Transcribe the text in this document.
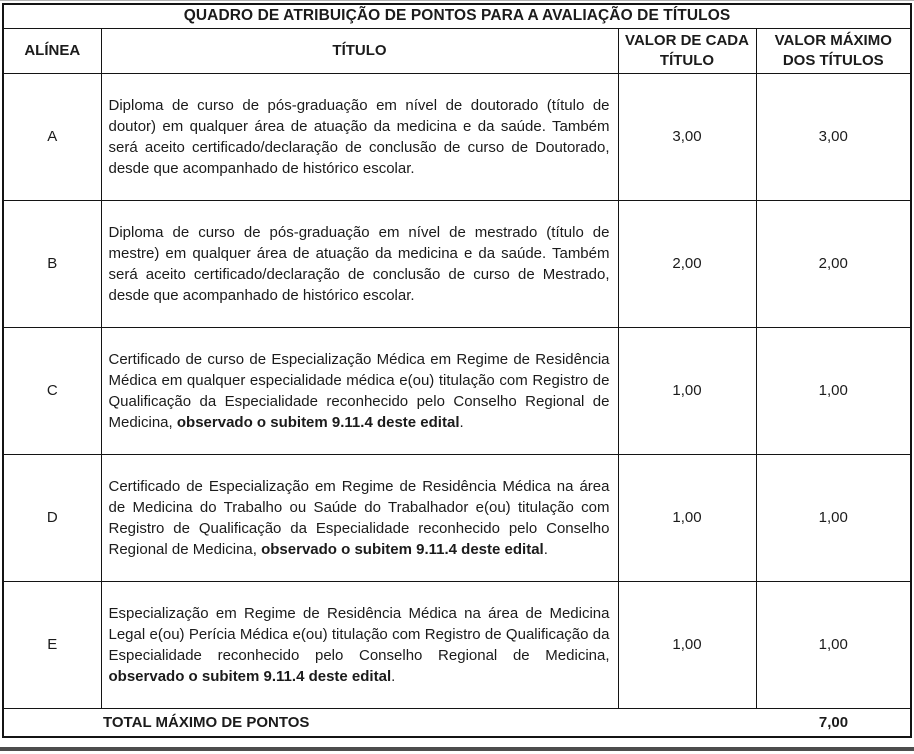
QUADRO DE ATRIBUIÇÃO DE PONTOS PARA A AVALIAÇÃO DE TÍTULOS			
ALÍNEA	TÍTULO	VALOR DE CADA TÍTULO	VALOR MÁXIMO DOS TÍTULOS
A	Diploma de curso de pós-graduação em nível de doutorado (título de doutor) em qualquer área de atuação da medicina e da saúde. Também será aceito certificado/declaração de conclusão de curso de Doutorado, desde que acompanhado de histórico escolar.	3,00	3,00
B	Diploma de curso de pós-graduação em nível de mestrado (título de mestre) em qualquer área de atuação da medicina e da saúde. Também será aceito certificado/declaração de conclusão de curso de Mestrado, desde que acompanhado de histórico escolar.	2,00	2,00
C	Certificado de curso de Especialização Médica em Regime de Residência Médica em qualquer especialidade médica e(ou) titulação com Registro de Qualificação da Especialidade reconhecido pelo Conselho Regional de Medicina, observado o subitem 9.11.4 deste edital.	1,00	1,00
D	Certificado de Especialização em Regime de Residência Médica na área de Medicina do Trabalho ou Saúde do Trabalhador e(ou) titulação com Registro de Qualificação da Especialidade reconhecido pelo Conselho Regional de Medicina, observado o subitem 9.11.4 deste edital.	1,00	1,00
E	Especialização em Regime de Residência Médica na área de Medicina Legal e(ou) Perícia Médica e(ou) titulação com Registro de Qualificação da Especialidade reconhecido pelo Conselho Regional de Medicina, observado o subitem 9.11.4 deste edital.	1,00	1,00
TOTAL MÁXIMO DE PONTOS 7,00			
